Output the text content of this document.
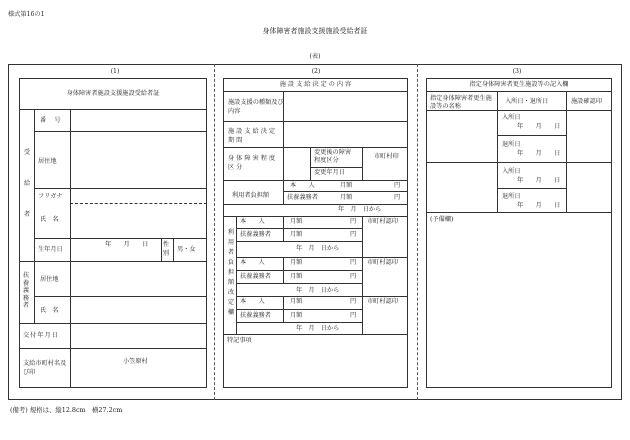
様式第16の1
身体障害者施設支援施設受給者証
(表)
(1)
身体障害者施設支援施設受給者証
受
給
者
番　号
居住地
フリガナ
氏　名
生年月日
年　　月　　日 性別
男・女
扶養義務者
居住地
氏　名
交付年月日
支給市町村名及び印
小笠原村
(2)
施 設 支 給 決 定 の 内 容
施設支援の種類及び内容
施設支給決定期間
身体障害程度区分
変更後の障害程度区分
市町村印
変更年月日
利用者負担額
本　　人	月額	円
扶養義務者	月額	円
年　月　日から
利用者負担額改定欄
本　　人	月額	円 市町村認印
扶養義務者	月額	円
年　月　日から
本　　人	月額	円 市町村認印
扶養義務者	月額	円
年　月　日から
本　　人	月額	円 市町村認印
扶養義務者	月額	円
年　月　日から
特記事項
(3)
指定身体障害者更生施設等の記入欄
指定身体障害者更生施設等の名称
入所日・退所日	施設確認印
入所日
年　　月　　日
退所日
年　　月　　日
入所日
年　　月　　日
退所日
年　　月　　日
(予備欄)
(備考) 規格は、縦12.8cm　横27.2cm
